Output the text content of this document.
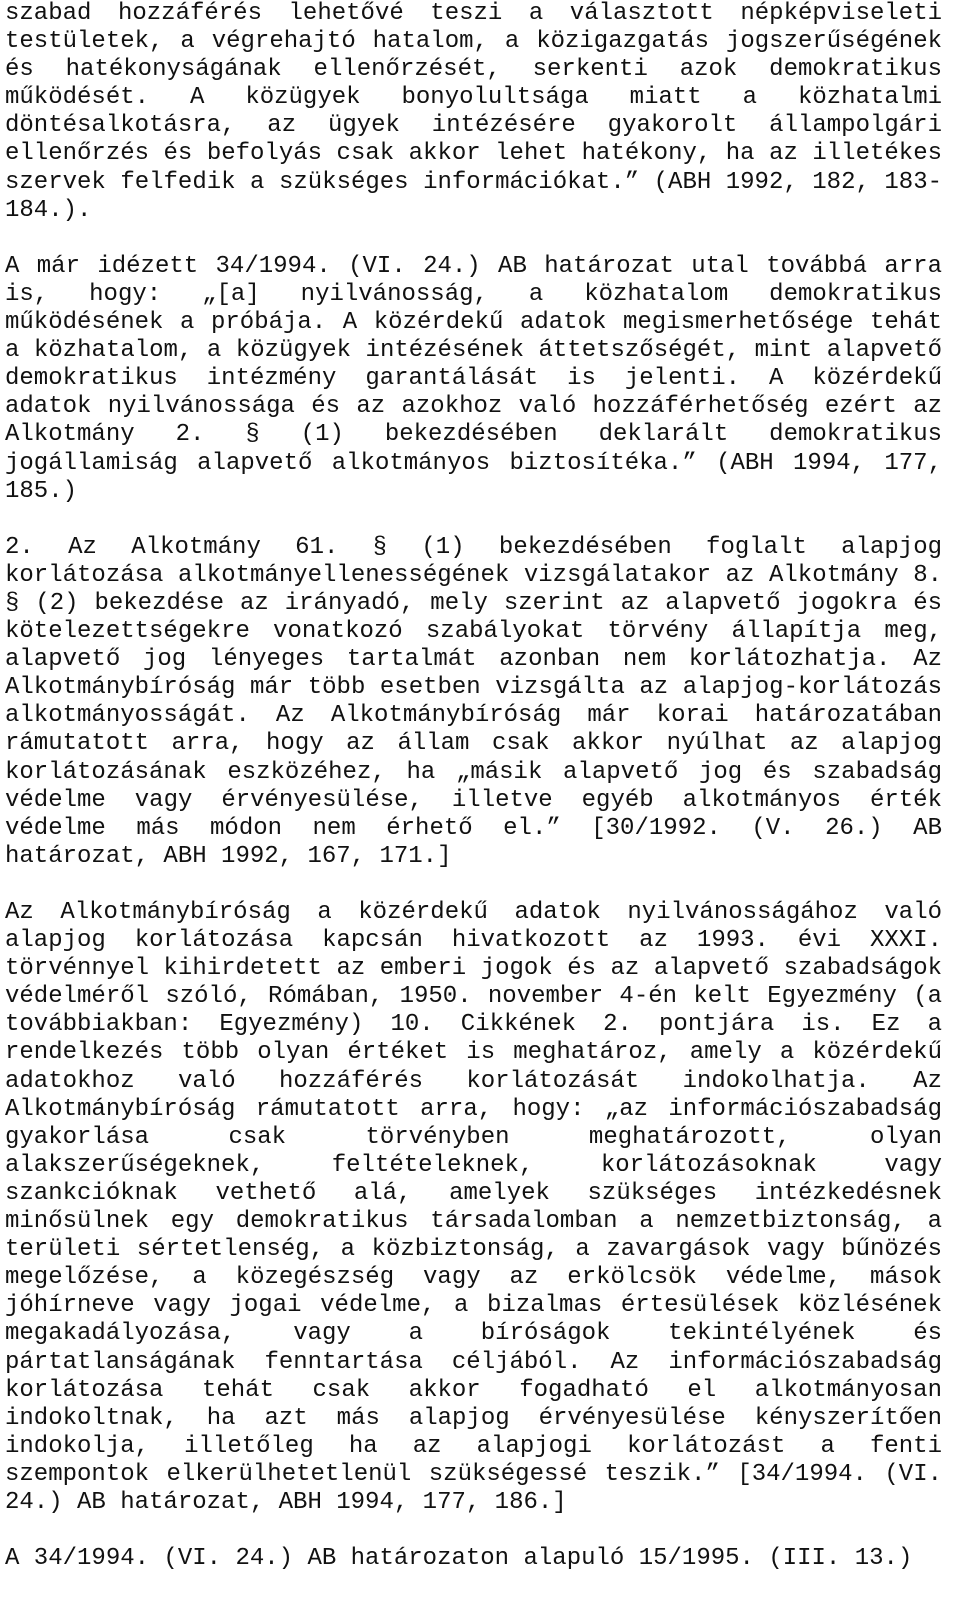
szabad hozzáférés lehetővé teszi a választott népképviseleti testületek, a végrehajtó hatalom, a közigazgatás jogszerűségének és hatékonyságának ellenőrzését, serkenti azok demokratikus működését. A közügyek bonyolultsága miatt a közhatalmi döntésalkotásra, az ügyek intézésére gyakorolt állampolgári ellenőrzés és befolyás csak akkor lehet hatékony, ha az illetékes szervek felfedik a szükséges információkat.” (ABH 1992, 182, 183-184.).

A már idézett 34/1994. (VI. 24.) AB határozat utal továbbá arra is, hogy: „[a] nyilvánosság, a közhatalom demokratikus működésének a próbája. A közérdekű adatok megismerhetősége tehát a közhatalom, a közügyek intézésének áttetszőségét, mint alapvető demokratikus intézmény garantálását is jelenti. A közérdekű adatok nyilvánossága és az azokhoz való hozzáférhetőség ezért az Alkotmány 2. § (1) bekezdésében deklarált demokratikus jogállamiság alapvető alkotmányos biztosítéka.” (ABH 1994, 177, 185.)

2. Az Alkotmány 61. § (1) bekezdésében foglalt alapjog korlátozása alkotmányellenességének vizsgálatakor az Alkotmány 8. § (2) bekezdése az irányadó, mely szerint az alapvető jogokra és kötelezettségekre vonatkozó szabályokat törvény állapítja meg, alapvető jog lényeges tartalmát azonban nem korlátozhatja. Az Alkotmánybíróság már több esetben vizsgálta az alapjog-korlátozás alkotmányosságát. Az Alkotmánybíróság már korai határozatában rámutatott arra, hogy az állam csak akkor nyúlhat az alapjog korlátozásának eszközéhez, ha „másik alapvető jog és szabadság védelme vagy érvényesülése, illetve egyéb alkotmányos érték védelme más módon nem érhető el.” [30/1992. (V. 26.) AB határozat, ABH 1992, 167, 171.]

Az Alkotmánybíróság a közérdekű adatok nyilvánosságához való alapjog korlátozása kapcsán hivatkozott az 1993. évi XXXI. törvénnyel kihirdetett az emberi jogok és az alapvető szabadságok védelméről szóló, Rómában, 1950. november 4-én kelt Egyezmény (a továbbiakban: Egyezmény) 10. Cikkének 2. pontjára is. Ez a rendelkezés több olyan értéket is meghatároz, amely a közérdekű adatokhoz való hozzáférés korlátozását indokolhatja. Az Alkotmánybíróság rámutatott arra, hogy: „az információszabadság gyakorlása csak törvényben meghatározott, olyan alakszerűségeknek, feltételeknek, korlátozásoknak vagy szankcióknak vethető alá, amelyek szükséges intézkedésnek minősülnek egy demokratikus társadalomban a nemzetbiztonság, a területi sértetlenség, a közbiztonság, a zavargások vagy bűnözés megelőzése, a közegészség vagy az erkölcsök védelme, mások jóhírneve vagy jogai védelme, a bizalmas értesülések közlésének megakadályozása, vagy a bíróságok tekintélyének és pártatlanságának fenntartása céljából. Az információszabadság korlátozása tehát csak akkor fogadható el alkotmányosan indokoltnak, ha azt más alapjog érvényesülése kényszerítően indokolja, illetőleg ha az alapjogi korlátozást a fenti szempontok elkerülhetetlenül szükségessé teszik.” [34/1994. (VI. 24.) AB határozat, ABH 1994, 177, 186.]

A 34/1994. (VI. 24.) AB határozaton alapuló 15/1995. (III. 13.)
